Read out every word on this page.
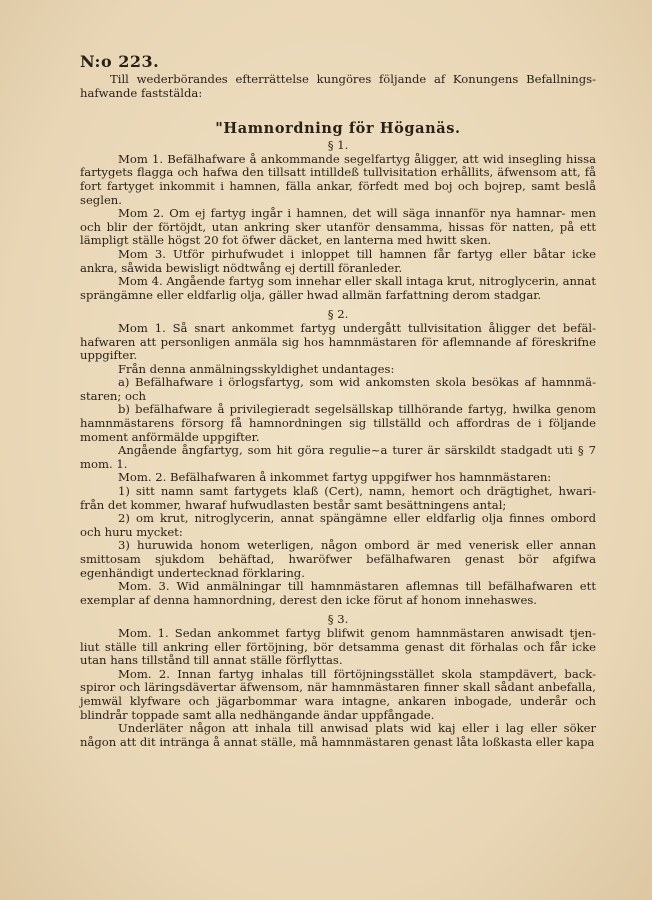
N:o 223.

Till wederbörandes efterrättelse kungöres följande af Konungens Befallnings- hafwande faststälda:

"Hamnordning för Höganäs.
§ 1.

Mom 1. Befälhafware å ankommande segelfartyg åligger, att wid insegling hissa fartygets flagga och hafwa den tillsatt intilldeß tullvisitation erhållits, äfwensom att, få fort fartyget inkommit i hamnen, fälla ankar, förfedt med boj och bojrep, samt beslå seglen.

Mom 2. Om ej fartyg ingår i hamnen, det will säga innanför nya hamnar- men och blir der förtöjdt, utan ankring sker utanför densamma, hissas för natten, på ett lämpligt ställe högst 20 fot öfwer däcket, en lanterna med hwitt sken.

Mom 3. Utför pirhufwudet i inloppet till hamnen får fartyg eller båtar icke ankra, såwida bewisligt nödtwång ej dertill föranleder.

Mom 4. Angående fartyg som innehar eller skall intaga krut, nitroglycerin, annat sprängämne eller eldfarlig olja, gäller hwad allmän farfattning derom stadgar.

§ 2.

Mom 1. Så snart ankommet fartyg undergått tullvisitation åligger det befäl- hafwaren att personligen anmäla sig hos hamnmästaren för aflemnande af föreskrifne uppgifter.

Från denna anmälningsskyldighet undantages:

a) Befälhafware i örlogsfartyg, som wid ankomsten skola besökas af hamnmä- staren; och

b) befälhafware å privilegieradt segelsällskap tillhörande fartyg, hwilka genom hamnmästarens försorg få hamnordningen sig tillställd och affordras de i följande moment anförmälde uppgifter.

Angående ångfartyg, som hit göra regulie~a turer är särskildt stadgadt uti § 7 mom. 1.

Mom. 2. Befälhafwaren å inkommet fartyg uppgifwer hos hamnmästaren:

1) sitt namn samt fartygets klaß (Cert), namn, hemort och drägtighet, hwari- från det kommer, hwaraf hufwudlasten består samt besättningens antal;

2) om krut, nitroglycerin, annat spängämne eller eldfarlig olja finnes ombord och huru mycket:

3) huruwida honom weterligen, någon ombord är med venerisk eller annan smittosam sjukdom behäftad, hwaröfwer befälhafwaren genast bör afgifwa egenhändigt undertecknad förklaring.

Mom. 3. Wid anmälningar till hamnmästaren aflemnas till befälhafwaren ett exemplar af denna hamnordning, derest den icke förut af honom innehaswes.

§ 3.

Mom. 1. Sedan ankommet fartyg blifwit genom hamnmästaren anwisadt tjen- liut ställe till ankring eller förtöjning, bör detsamma genast dit förhalas och får icke utan hans tillstånd till annat ställe förflyttas.

Mom. 2. Innan fartyg inhalas till förtöjningsstället skola stampdävert, back- spiror och läringsdävertar äfwensom, när hamnmästaren finner skall sådant anbefalla, jemwäl klyfware och jägarbommar wara intagne, ankaren inbogade, underår och blindrår toppade samt alla nedhängande ändar uppfångade.

Underläter någon att inhala till anwisad plats wid kaj eller i lag eller söker någon att dit intränga å annat ställe, må hamnmästaren genast låta loßkasta eller kapa
